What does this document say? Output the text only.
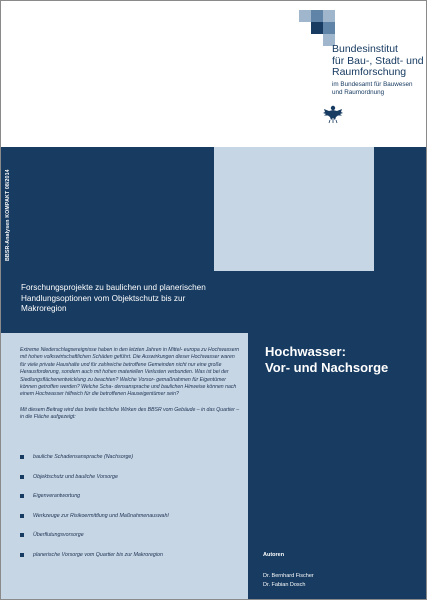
Bundesinstitut
für Bau-, Stadt- und
Raumforschung
im Bundesamt für Bauwesen
und Raumordnung
BBSR-Analysen KOMPAKT 08/2014
Forschungsprojekte zu baulichen und planerischen Handlungsoptionen vom Objektschutz bis zur Makroregion
Hochwasser:
Vor- und Nachsorge

Extreme Niederschlagsereignisse haben in den letzten Jahren in Mittel- europa zu Hochwassern mit hohen volkswirtschaftlichen Schäden geführt. Die Auswirkungen dieser Hochwasser waren für viele private Haushalte und für zahlreiche betroffene Gemeinden nicht nur eine große Herausforderung, sondern auch mit hohen materiellen Verlusten verbunden. Was ist bei der Siedlungsflächenentwicklung zu beachten? Welche Vorsor- gemaßnahmen für Eigentümer können getroffen werden? Welche Scha- densansprache und baulichen Hinweise können nach einem Hochwasser hilfreich für die betroffenen Hauseigentümer sein?

Mit diesem Beitrag wird das breite fachliche Wirken des BBSR vom Gebäude – in das Quartier – in die Fläche aufgezeigt:

bauliche Schadensansprache (Nachsorge)
Objektschutz und bauliche Vorsorge
Eigenverantwortung
Werkzeuge zur Risikoermittlung und Maßnahmenauswahl
Überflutungsvorsorge
planerische Vorsorge vom Quartier bis zur Makroregion	Autoren
Dr. Bernhard Fischer
Dr. Fabian Dosch
